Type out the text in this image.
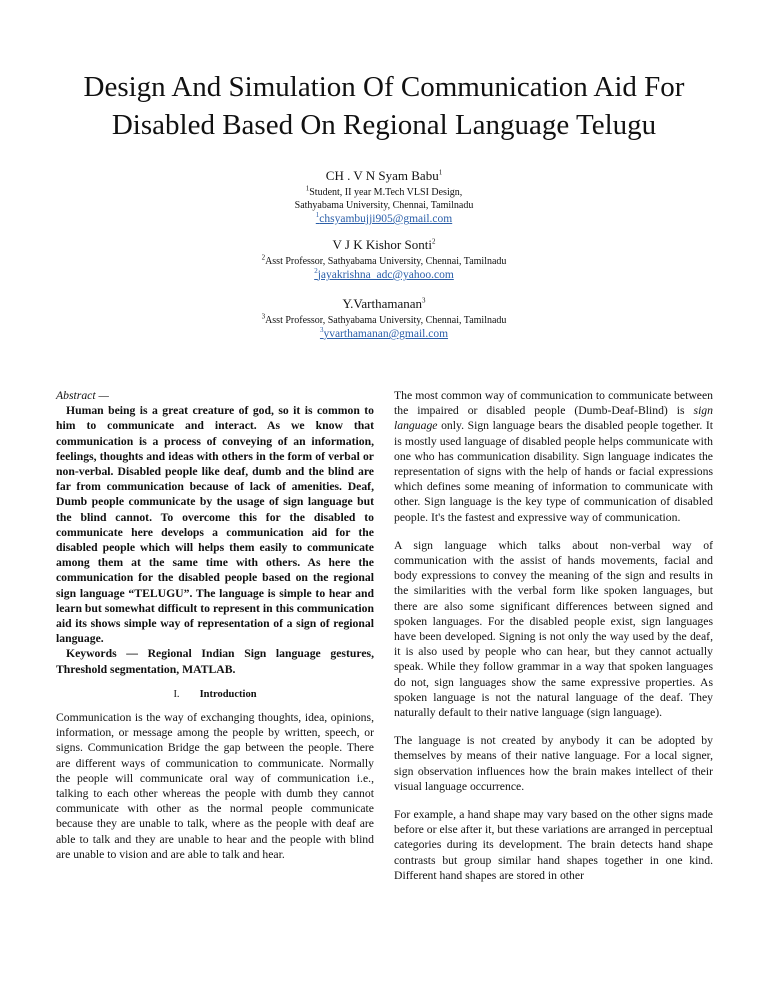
Design And Simulation Of Communication Aid For
Disabled Based On Regional Language Telugu
CH . V N Syam Babu$^1$
$^1$Student, II year M.Tech VLSI Design,
Sathyabama University, Chennai, Tamilnadu
$^1$chsyambujji905@gmail.com
V J K Kishor Sonti$^2$
$^2$Asst Professor, Sathyabama University, Chennai, Tamilnadu
$^2$jayakrishna_adc@yahoo.com
Y.Varthamanan$^3$
$^3$Asst Professor, Sathyabama University, Chennai, Tamilnadu
$^3$yvarthamanan@gmail.com

Abstract —

Human being is a great creature of god, so it is common to him to communicate and interact. As we know that communication is a process of conveying of an information, feelings, thoughts and ideas with others in the form of verbal or non-verbal. Disabled people like deaf, dumb and the blind are far from communication because of lack of amenities. Deaf, Dumb people communicate by the usage of sign language but the blind cannot. To overcome this for the disabled to communicate here develops a communication aid for the disabled people which will helps them easily to communicate among them at the same time with others. As here the communication for the disabled people based on the regional sign language “TELUGU”. The language is simple to hear and learn but somewhat difficult to represent in this communication aid its shows simple way of representation of a sign of regional language.

Keywords — Regional Indian Sign language gestures, Threshold segmentation, MATLAB.

I. Introduction

Communication is the way of exchanging thoughts, idea, opinions, information, or message among the people by written, speech, or signs. Communication Bridge the gap between the people. There are different ways of communication to communicate. Normally the people will communicate oral way of communication i.e., talking to each other whereas the people with dumb they cannot communicate with other as the normal people communicate because they are unable to talk, where as the people with deaf are able to talk and they are unable to hear and the people with blind are unable to vision and are able to talk and hear.

The most common way of communication to communicate between the impaired or disabled people (Dumb-Deaf-Blind) is sign language only. Sign language bears the disabled people together. It is mostly used language of disabled people helps communicate with one who has communication disability. Sign language indicates the representation of signs with the help of hands or facial expressions which defines some meaning of information to communicate with other. Sign language is the key type of communication of disabled people. It's the fastest and expressive way of communication.

A sign language which talks about non-verbal way of communication with the assist of hands movements, facial and body expressions to convey the meaning of the sign and results in the similarities with the verbal form like spoken languages, but there are also some significant differences between signed and spoken languages. For the disabled people exist, sign languages have been developed. Signing is not only the way used by the deaf, it is also used by people who can hear, but they cannot actually speak. While they follow grammar in a way that spoken languages do not, sign languages show the same expressive properties. As spoken language is not the natural language of the deaf. They naturally default to their native language (sign language).

The language is not created by anybody it can be adopted by themselves by means of their native language. For a local signer, sign observation influences how the brain makes intellect of their visual language occurrence.

For example, a hand shape may vary based on the other signs made before or else after it, but these variations are arranged in perceptual categories during its development. The brain detects hand shape contrasts but group similar hand shapes together in one kind. Different hand shapes are stored in other
